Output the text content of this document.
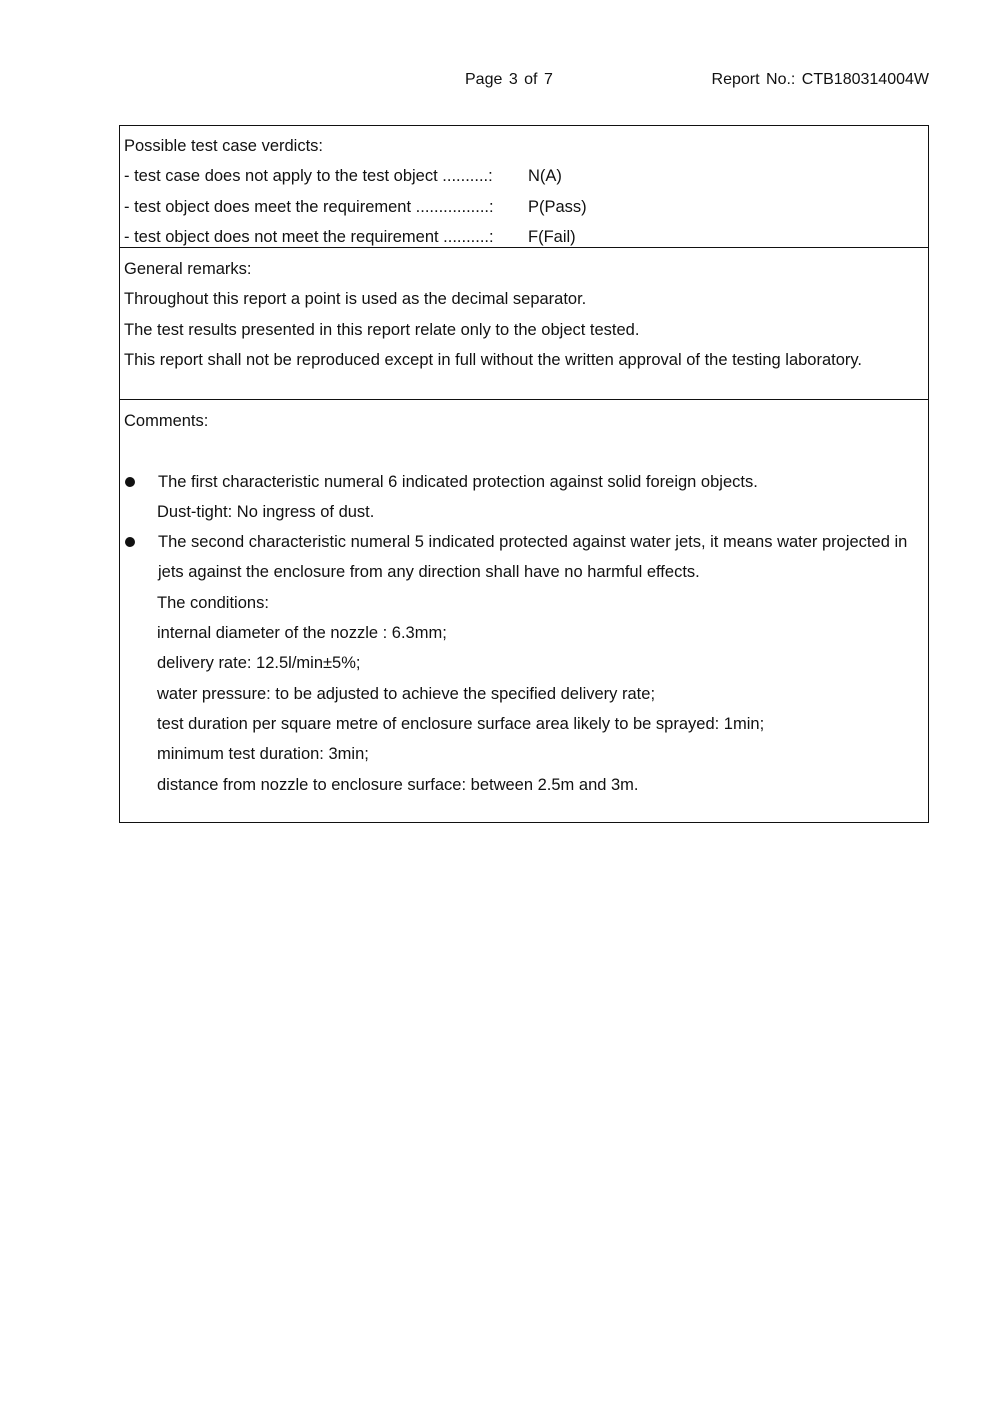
Page 3 of 7	Report No.: CTB180314004W
Possible test case verdicts:
- test case does not apply to the test object ..........:	N(A)
- test object does meet the requirement ................:	P(Pass)
- test object does not meet the requirement ..........:	F(Fail)
General remarks:
Throughout this report a point is used as the decimal separator.
The test results presented in this report relate only to the object tested.
This report shall not be reproduced except in full without the written approval of the testing laboratory.
Comments:
The first characteristic numeral 6 indicated protection against solid foreign objects.
Dust-tight: No ingress of dust.
The second characteristic numeral 5 indicated protected against water jets, it means water projected in jets against the enclosure from any direction shall have no harmful effects.
The conditions:
internal diameter of the nozzle : 6.3mm;
delivery rate: 12.5l/min±5%;
water pressure: to be adjusted to achieve the specified delivery rate;
test duration per square metre of enclosure surface area likely to be sprayed: 1min;
minimum test duration: 3min;
distance from nozzle to enclosure surface: between 2.5m and 3m.
